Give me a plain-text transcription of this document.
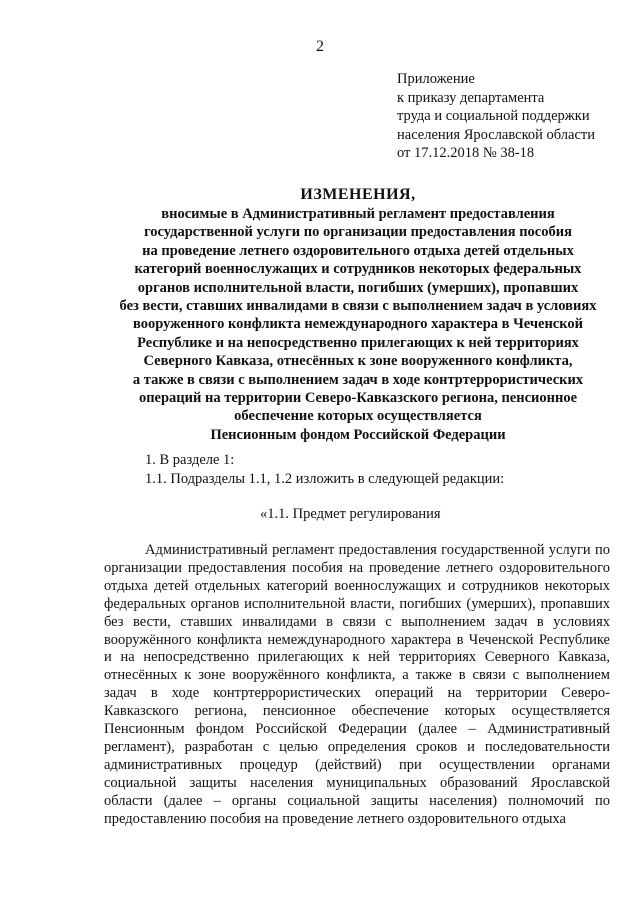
2
Приложение
к приказу департамента
труда и социальной поддержки
населения Ярославской области
от 17.12.2018 № 38-18
ИЗМЕНЕНИЯ,
вносимые в Административный регламент предоставления
государственной услуги по организации предоставления пособия
на проведение летнего оздоровительного отдыха детей отдельных
категорий военнослужащих и сотрудников некоторых федеральных
органов исполнительной власти, погибших (умерших), пропавших
без вести, ставших инвалидами в связи с выполнением задач в условиях
вооруженного конфликта немеждународного характера в Чеченской
Республике и на непосредственно прилегающих к ней территориях
Северного Кавказа, отнесённых к зоне вооруженного конфликта,
а также в связи с выполнением задач в ходе контртеррористических
операций на территории Северо-Кавказского региона, пенсионное
обеспечение которых осуществляется
Пенсионным фондом Российской Федерации
1. В разделе 1:
1.1. Подразделы 1.1, 1.2 изложить в следующей редакции:
«1.1. Предмет регулирования

Административный регламент предоставления государственной услуги по организации предоставления пособия на проведение летнего оздоровительного отдыха детей отдельных категорий военнослужащих и сотрудников некоторых федеральных органов исполнительной власти, погибших (умерших), пропавших без вести, ставших инвалидами в связи с выполнением задач в условиях вооружённого конфликта немеждународного характера в Чеченской Республике и на непосредственно прилегающих к ней территориях Северного Кавказа, отнесённых к зоне вооружённого конфликта, а также в связи с выполнением задач в ходе контртеррористических операций на территории Северо-Кавказского региона, пенсионное обеспечение которых осуществляется Пенсионным фондом Российской Федерации (далее – Административный регламент), разработан с целью определения сроков и последовательности административных процедур (действий) при осуществлении органами социальной защиты населения муниципальных образований Ярославской области (далее – органы социальной защиты населения) полномочий по предоставлению пособия на проведение летнего оздоровительного отдыха
